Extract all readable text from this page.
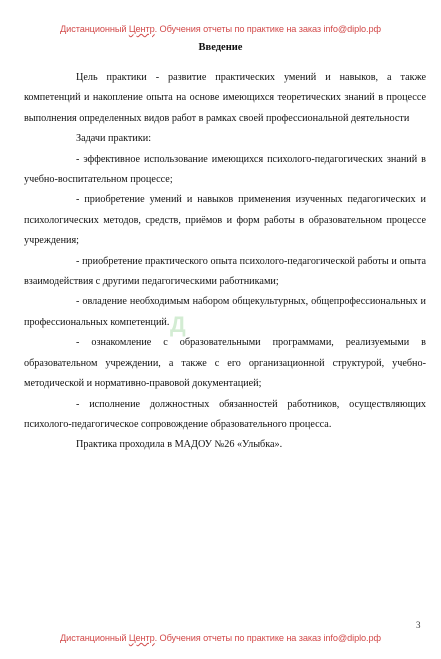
Дистанционный Центр. Обучения отчеты по практике на заказ info@diplo.рф
Введение

Цель практики - развитие практических умений и навыков, а также компетенций и накопление опыта на основе имеющихся теоретических знаний в процессе выполнения определенных видов работ в рамках своей профессиональной деятельности

Задачи практики:

- эффективное использование имеющихся психолого-педагогических знаний в учебно-воспитательном процессе;

- приобретение умений и навыков применения изученных педагогических и психологических методов, средств, приёмов и форм работы в образовательном процессе учреждения;

- приобретение практического опыта психолого-педагогической работы и опыта взаимодействия с другими педагогическими работниками;

- овладение необходимым набором общекультурных, общепрофессиональных и профессиональных компетенций.

- ознакомление с образовательными программами, реализуемыми в образовательном учреждении, а также с его организационной структурой, учебно-методической и нормативно-правовой документацией;

- исполнение должностных обязанностей работников, осуществляющих психолого-педагогическое сопровождение образовательного процесса.

Практика проходила в МАДОУ №26 «Улыбка».

Д
3
Дистанционный Центр. Обучения отчеты по практике на заказ info@diplo.рф
